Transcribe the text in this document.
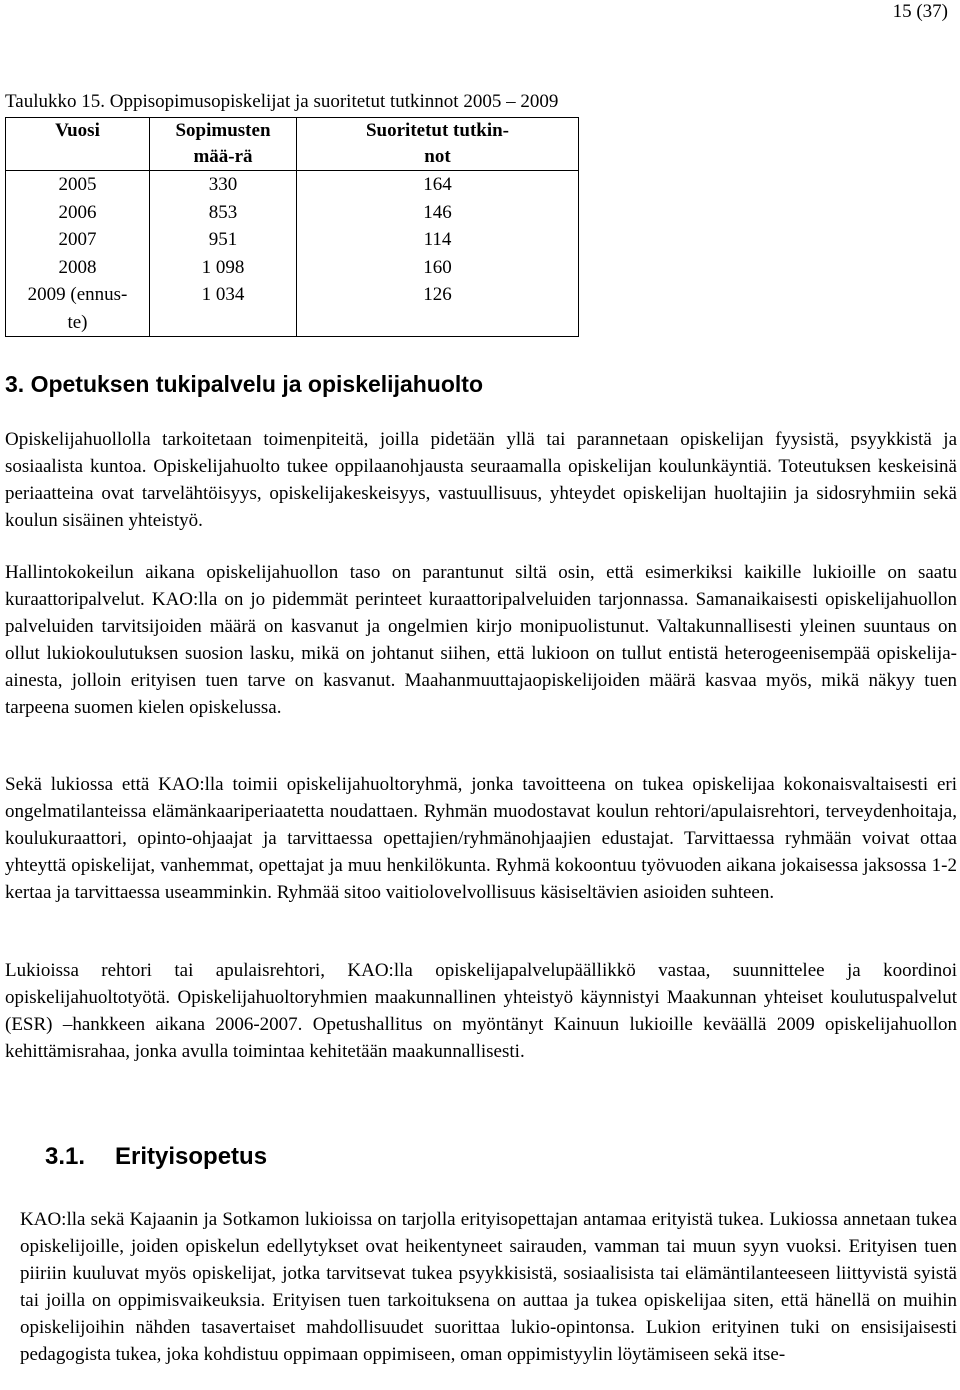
15 (37)
Taulukko 15. Oppisopimusopiskelijat ja suoritetut tutkinnot 2005 – 2009
Vuosi	Sopimusten mää-rä	Suoritetut tutkin-not
2005	330	164
2006	853	146
2007	951	114
2008	1 098	160
2009 (ennus-te)	1 034	126
3. Opetuksen tukipalvelu ja opiskelijahuolto
Opiskelijahuollolla tarkoitetaan toimenpiteitä, joilla pidetään yllä tai parannetaan opiskelijan fyysistä, psyykkistä ja sosiaalista kuntoa. Opiskelijahuolto tukee oppilaanohjausta seuraamalla opiskelijan koulunkäyntiä. Toteutuksen keskeisinä periaatteina ovat tarvelähtöisyys, opiskelijakeskeisyys, vastuullisuus, yhteydet opiskelijan huoltajiin ja sidosryhmiin sekä koulun sisäinen yhteistyö.
Hallintokokeilun aikana opiskelijahuollon taso on parantunut siltä osin, että esimerkiksi kaikille lukioille on saatu kuraattoripalvelut. KAO:lla on jo pidemmät perinteet kuraattoripalveluiden tarjonnassa. Samanaikaisesti opiskelijahuollon palveluiden tarvitsijoiden määrä on kasvanut ja ongelmien kirjo monipuolistunut. Valtakunnallisesti yleinen suuntaus on ollut lukiokoulutuksen suosion lasku, mikä on johtanut siihen, että lukioon on tullut entistä heterogeenisempää opiskelija-ainesta, jolloin erityisen tuen tarve on kasvanut. Maahanmuuttajaopiskelijoiden määrä kasvaa myös, mikä näkyy tuen tarpeena suomen kielen opiskelussa.
Sekä lukiossa että KAO:lla toimii opiskelijahuoltoryhmä, jonka tavoitteena on tukea opiskelijaa kokonaisvaltaisesti eri ongelmatilanteissa elämänkaariperiaatetta noudattaen. Ryhmän muodostavat koulun rehtori/apulaisrehtori, terveydenhoitaja, koulukuraattori, opinto-ohjaajat ja tarvittaessa opettajien/ryhmänohjaajien edustajat. Tarvittaessa ryhmään voivat ottaa yhteyttä opiskelijat, vanhemmat, opettajat ja muu henkilökunta. Ryhmä kokoontuu työvuoden aikana jokaisessa jaksossa 1-2 kertaa ja tarvittaessa useamminkin. Ryhmää sitoo vaitiolovelvollisuus käsiseltävien asioiden suhteen.
Lukioissa rehtori tai apulaisrehtori, KAO:lla opiskelijapalvelupäällikkö vastaa, suunnittelee ja koordinoi opiskelijahuoltotyötä. Opiskelijahuoltoryhmien maakunnallinen yhteistyö käynnistyi Maakunnan yhteiset koulutuspalvelut (ESR) –hankkeen aikana 2006-2007. Opetushallitus on myöntänyt Kainuun lukioille keväällä 2009 opiskelijahuollon kehittämisrahaa, jonka avulla toimintaa kehitetään maakunnallisesti.
3.1. Erityisopetus
KAO:lla sekä Kajaanin ja Sotkamon lukioissa on tarjolla erityisopettajan antamaa erityistä tukea. Lukiossa annetaan tukea opiskelijoille, joiden opiskelun edellytykset ovat heikentyneet sairauden, vamman tai muun syyn vuoksi. Erityisen tuen piiriin kuuluvat myös opiskelijat, jotka tarvitsevat tukea psyykkisistä, sosiaalisista tai elämäntilanteeseen liittyvistä syistä tai joilla on oppimisvaikeuksia. Erityisen tuen tarkoituksena on auttaa ja tukea opiskelijaa siten, että hänellä on muihin opiskelijoihin nähden tasavertaiset mahdollisuudet suorittaa lukio-opintonsa. Lukion erityinen tuki on ensisijaisesti pedagogista tukea, joka kohdistuu oppimaan oppimiseen, oman oppimistyylin löytämiseen sekä itse-
